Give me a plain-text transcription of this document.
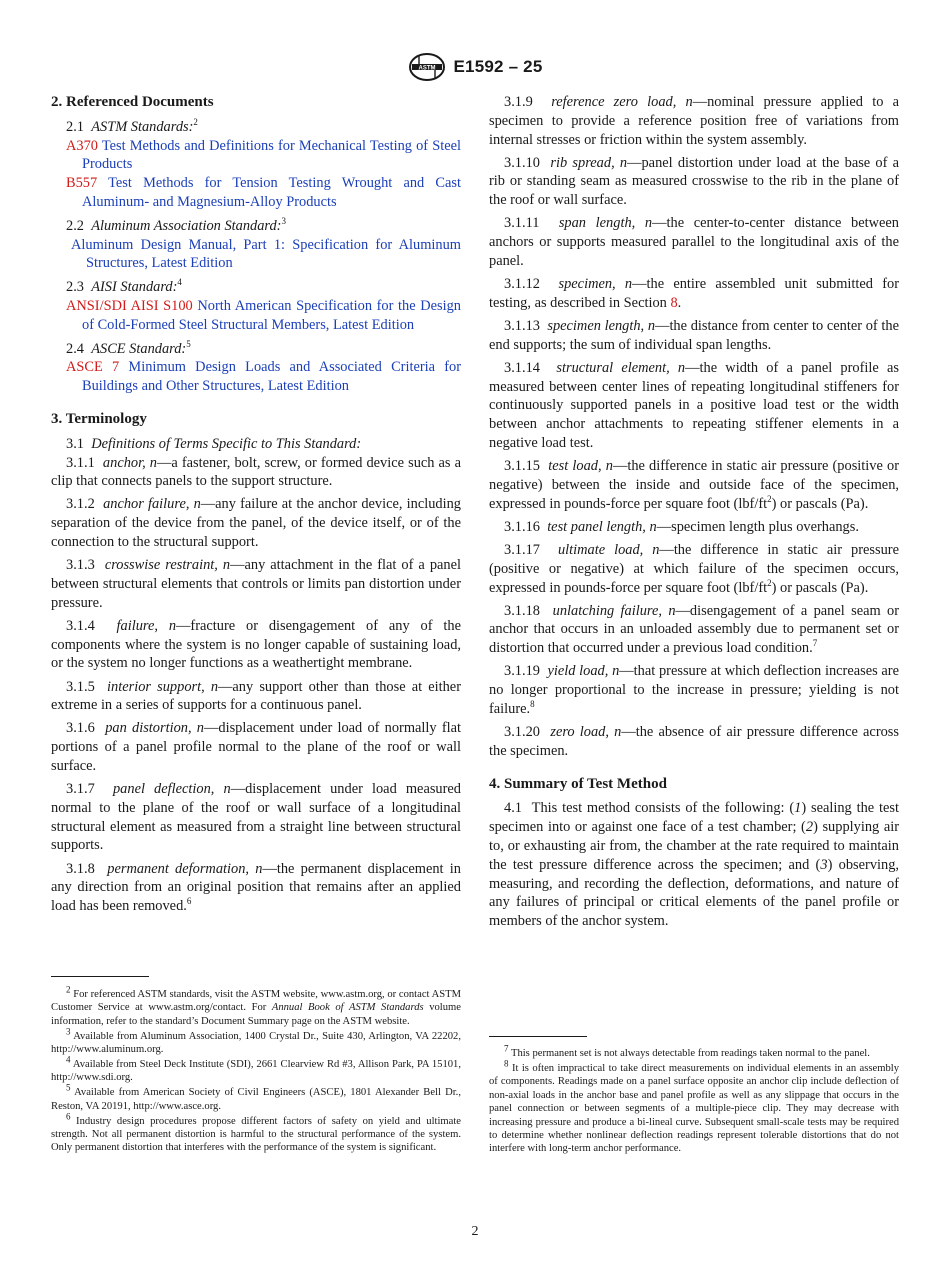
ASTM E1592 – 25
2. Referenced Documents
2.1 ASTM Standards:$^2$
A370 Test Methods and Definitions for Mechanical Testing of Steel Products
B557 Test Methods for Tension Testing Wrought and Cast Aluminum- and Magnesium-Alloy Products
2.2 Aluminum Association Standard:$^3$
Aluminum Design Manual, Part 1: Specification for Aluminum Structures, Latest Edition
2.3 AISI Standard:$^4$
ANSI/SDI AISI S100 North American Specification for the Design of Cold-Formed Steel Structural Members, Latest Edition
2.4 ASCE Standard:$^5$
ASCE 7 Minimum Design Loads and Associated Criteria for Buildings and Other Structures, Latest Edition
3. Terminology
3.1 Definitions of Terms Specific to This Standard:
3.1.1 anchor, n—a fastener, bolt, screw, or formed device such as a clip that connects panels to the support structure.
3.1.2 anchor failure, n—any failure at the anchor device, including separation of the device from the panel, of the device itself, or of the connection to the structural support.
3.1.3 crosswise restraint, n—any attachment in the flat of a panel between structural elements that controls or limits pan distortion under pressure.
3.1.4 failure, n—fracture or disengagement of any of the components where the system is no longer capable of sustaining load, or the system no longer functions as a weathertight membrane.
3.1.5 interior support, n—any support other than those at either extreme in a series of supports for a continuous panel.
3.1.6 pan distortion, n—displacement under load of normally flat portions of a panel profile normal to the plane of the roof or wall surface.
3.1.7 panel deflection, n—displacement under load measured normal to the plane of the roof or wall surface of a longitudinal structural element as measured from a straight line between structural supports.
3.1.8 permanent deformation, n—the permanent displacement in any direction from an original position that remains after an applied load has been removed.$^6$
$^2$ For referenced ASTM standards, visit the ASTM website, www.astm.org, or contact ASTM Customer Service at www.astm.org/contact. For Annual Book of ASTM Standards volume information, refer to the standard’s Document Summary page on the ASTM website.
$^3$ Available from Aluminum Association, 1400 Crystal Dr., Suite 430, Arlington, VA 22202, http://www.aluminum.org.
$^4$ Available from Steel Deck Institute (SDI), 2661 Clearview Rd #3, Allison Park, PA 15101, http://www.sdi.org.
$^5$ Available from American Society of Civil Engineers (ASCE), 1801 Alexander Bell Dr., Reston, VA 20191, http://www.asce.org.
$^6$ Industry design procedures propose different factors of safety on yield and ultimate strength. Not all permanent distortion is harmful to the structural performance of the system. Only permanent distortion that interferes with the performance of the system is significant.
3.1.9 reference zero load, n—nominal pressure applied to a specimen to provide a reference position free of variations from internal stresses or friction within the system assembly.
3.1.10 rib spread, n—panel distortion under load at the base of a rib or standing seam as measured crosswise to the rib in the plane of the roof or wall surface.
3.1.11 span length, n—the center-to-center distance between anchors or supports measured parallel to the longitudinal axis of the panel.
3.1.12 specimen, n—the entire assembled unit submitted for testing, as described in Section 8.
3.1.13 specimen length, n—the distance from center to center of the end supports; the sum of individual span lengths.
3.1.14 structural element, n—the width of a panel profile as measured between center lines of repeating longitudinal stiffeners for continuously supported panels in a positive load test or the width between anchor attachments to repeating stiffener elements in a negative load test.
3.1.15 test load, n—the difference in static air pressure (positive or negative) between the inside and outside face of the specimen, expressed in pounds-force per square foot $(lbf/ft^2)$ or pascals (Pa).
3.1.16 test panel length, n—specimen length plus overhangs.
3.1.17 ultimate load, n—the difference in static air pressure (positive or negative) at which failure of the specimen occurs, expressed in pounds-force per square foot $(lbf/ft^2)$ or pascals (Pa).
3.1.18 unlatching failure, n—disengagement of a panel seam or anchor that occurs in an unloaded assembly due to permanent set or distortion that occurred under a previous load condition.$^7$
3.1.19 yield load, n—that pressure at which deflection increases are no longer proportional to the increase in pressure; yielding is not failure.$^8$
3.1.20 zero load, n—the absence of air pressure difference across the specimen.
4. Summary of Test Method
4.1 This test method consists of the following: (1) sealing the test specimen into or against one face of a test chamber; (2) supplying air to, or exhausting air from, the chamber at the rate required to maintain the test pressure difference across the specimen; and (3) observing, measuring, and recording the deflection, deformations, and nature of any failures of principal or critical elements of the panel profile or members of the anchor system.
$^7$ This permanent set is not always detectable from readings taken normal to the panel.
$^8$ It is often impractical to take direct measurements on individual elements in an assembly of components. Readings made on a panel surface opposite an anchor clip include deflection of non-axial loads in the anchor base and panel profile as well as any slippage that occurs in the panel connection or between segments of a multiple-piece clip. They may decrease with increasing pressure and produce a bi-lineal curve. Subsequent small-scale tests may be required to determine whether nonlinear deflection readings represent tolerable distortions that do not interfere with long-term anchor performance.
2
